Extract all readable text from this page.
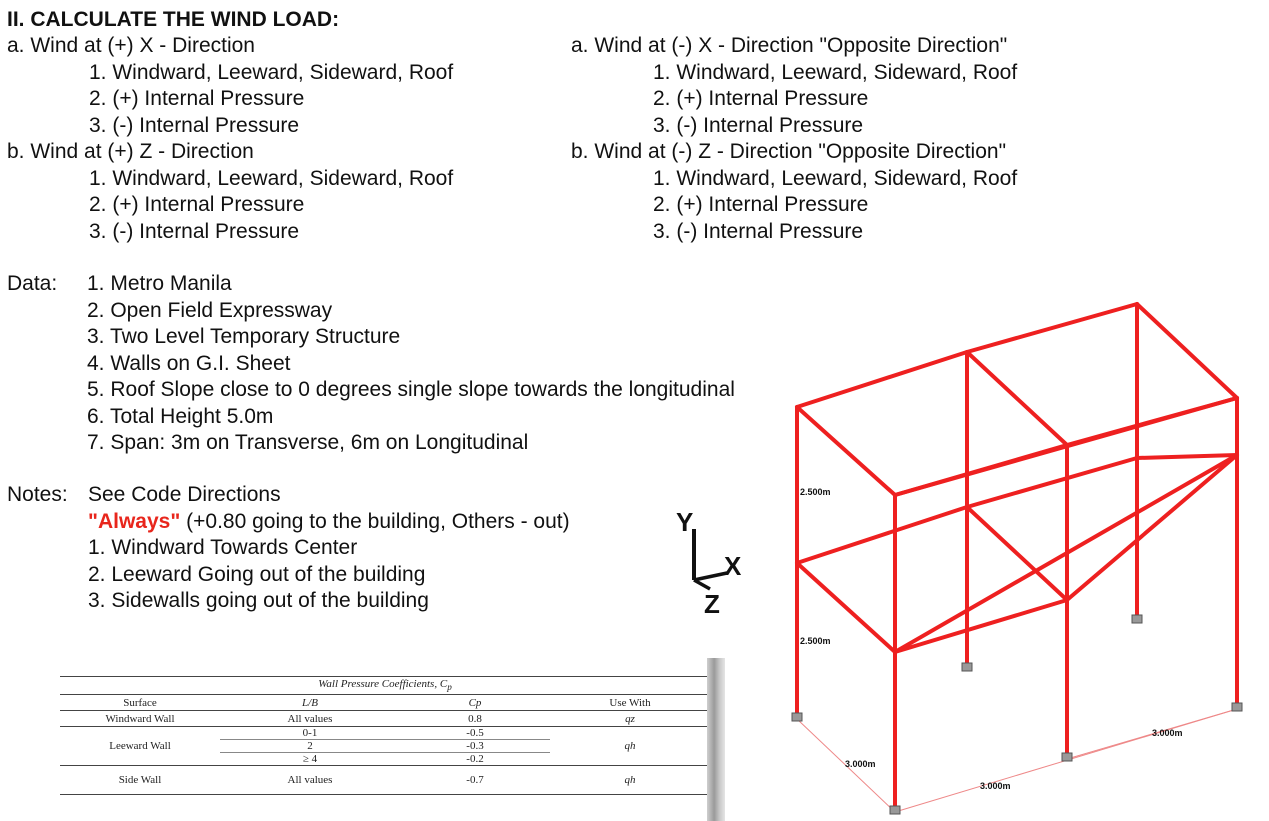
II. CALCULATE THE WIND LOAD:
a. Wind at (+) X - Direction
1. Windward, Leeward, Sideward, Roof
2. (+) Internal Pressure
3. (-) Internal Pressure
b. Wind at (+) Z - Direction
1. Windward, Leeward, Sideward, Roof
2. (+) Internal Pressure
3. (-) Internal Pressure
a. Wind at (-) X - Direction "Opposite Direction"
1. Windward, Leeward, Sideward, Roof
2. (+) Internal Pressure
3. (-) Internal Pressure
b. Wind at (-) Z - Direction "Opposite Direction"
1. Windward, Leeward, Sideward, Roof
2. (+) Internal Pressure
3. (-) Internal Pressure
Data: 1. Metro Manila
2. Open Field Expressway
3. Two Level Temporary Structure
4. Walls on G.I. Sheet
5. Roof Slope close to 0 degrees single slope towards the longitudinal
6. Total Height 5.0m
7. Span: 3m on Transverse, 6m on Longitudinal
Notes: See Code Directions
"Always" (+0.80 going to the building, Others - out)
1. Windward Towards Center
2. Leeward Going out of the building
3. Sidewalls going out of the building
Y
X
Z
Wall Pressure Coefficients, $C_p$
Surface	L/B	Cp	Use With
Windward Wall	All values	0.8	qz
Leeward Wall	0-1	-0.5	qh
	2	-0.3	
	≥ 4	-0.2	
Side Wall	All values	-0.7	qh
2.500m
2.500m
3.000m
3.000m
3.000m
